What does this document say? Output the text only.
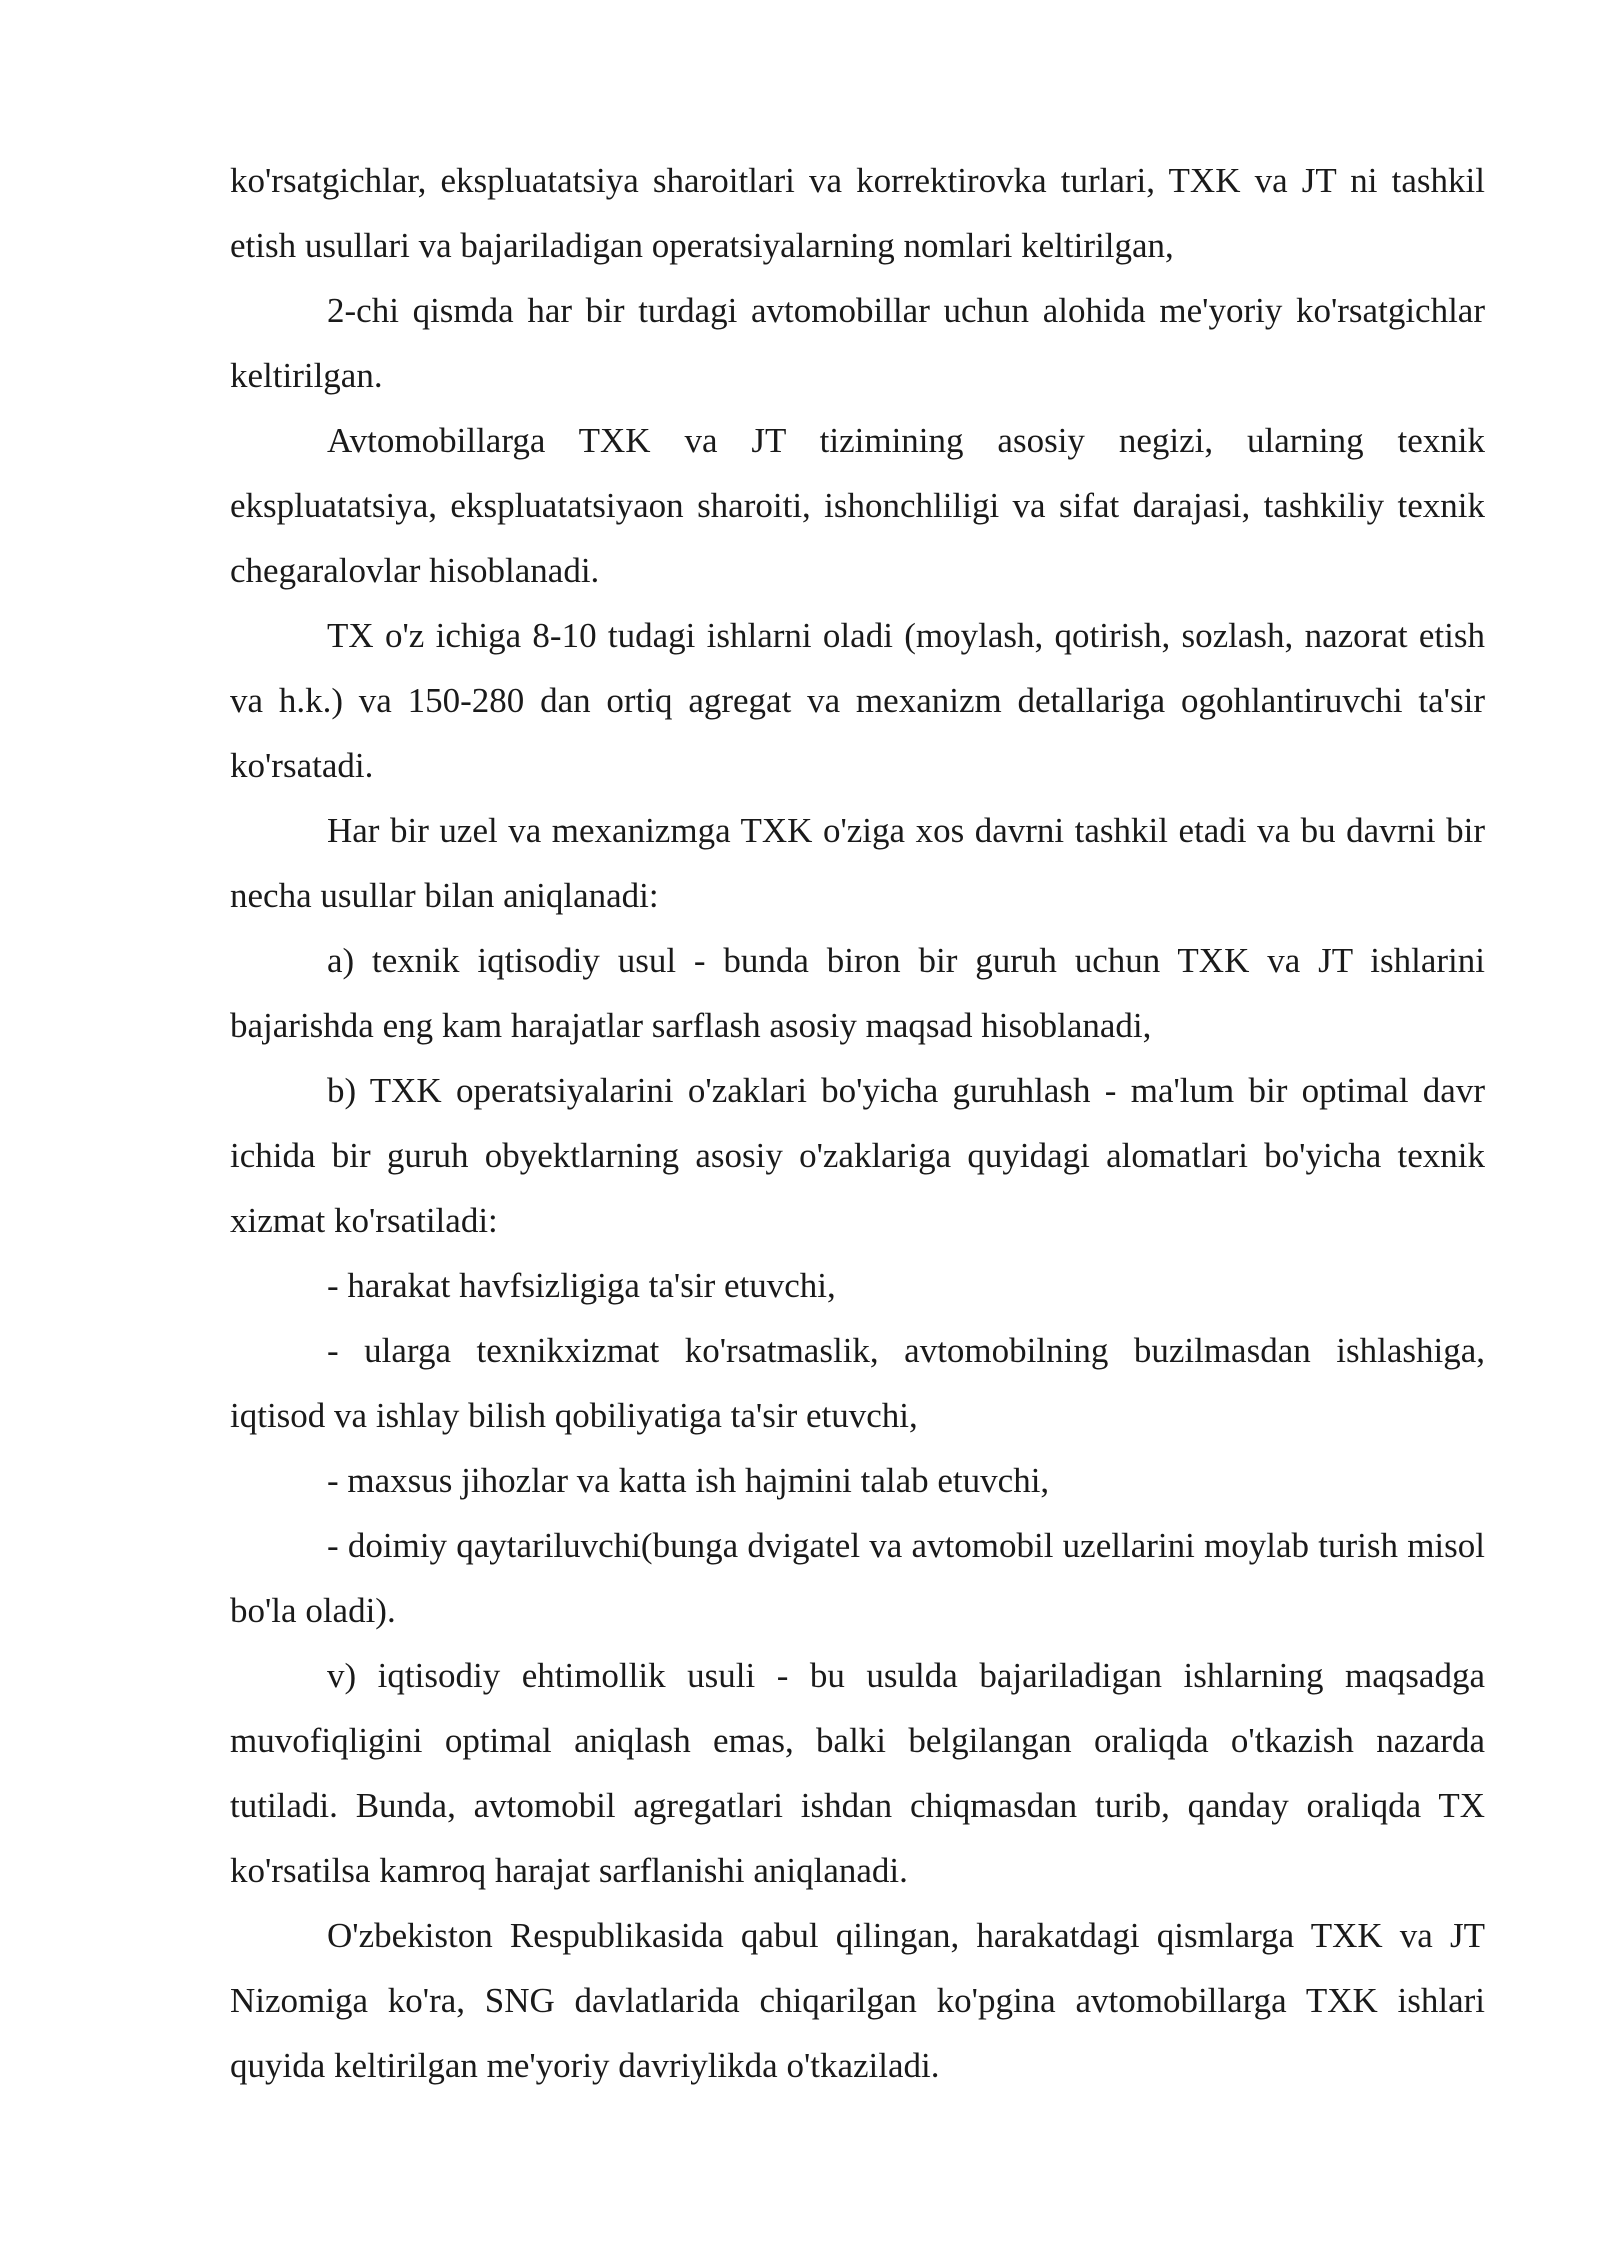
ko'rsatgichlar, ekspluatatsiya sharoitlari va korrektirovka turlari, TXK va JT ni tashkil etish usullari va bajariladigan operatsiyalarning nomlari keltirilgan,

2-chi qismda har bir turdagi avtomobillar uchun alohida me'yoriy ko'rsatgichlar keltirilgan.

Avtomobillarga TXK va JT tizimining asosiy negizi, ularning texnik ekspluatatsiya, ekspluatatsiyaon sharoiti, ishonchliligi va sifat darajasi, tashkiliy texnik chegaralovlar hisoblanadi.

TX o'z ichiga 8-10 tudagi ishlarni oladi (moylash, qotirish, sozlash, nazorat etish va h.k.) va 150-280 dan ortiq agregat va mexanizm detallariga ogohlantiruvchi ta'sir ko'rsatadi.

Har bir uzel va mexanizmga TXK o'ziga xos davrni tashkil etadi va bu davrni bir necha usullar bilan aniqlanadi:

a) texnik iqtisodiy usul - bunda biron bir guruh uchun TXK va JT ishlarini bajarishda eng kam harajatlar sarflash asosiy maqsad hisoblanadi,

b) TXK operatsiyalarini o'zaklari bo'yicha guruhlash - ma'lum bir optimal davr ichida bir guruh obyektlarning asosiy o'zaklariga quyidagi alomatlari bo'yicha texnik xizmat ko'rsatiladi:

- harakat havfsizligiga ta'sir etuvchi,

- ularga texnikxizmat ko'rsatmaslik, avtomobilning buzilmasdan ishlashiga, iqtisod va ishlay bilish qobiliyatiga ta'sir etuvchi,

- maxsus jihozlar va katta ish hajmini talab etuvchi,

- doimiy qaytariluvchi(bunga dvigatel va avtomobil uzellarini moylab turish misol bo'la oladi).

v) iqtisodiy ehtimollik usuli - bu usulda bajariladigan ishlarning maqsadga muvofiqligini optimal aniqlash emas, balki belgilangan oraliqda o'tkazish nazarda tutiladi. Bunda, avtomobil agregatlari ishdan chiqmasdan turib, qanday oraliqda TX ko'rsatilsa kamroq harajat sarflanishi aniqlanadi.

O'zbekiston Respublikasida qabul qilingan, harakatdagi qismlarga TXK va JT Nizomiga ko'ra, SNG davlatlarida chiqarilgan ko'pgina avtomobillarga TXK ishlari quyida keltirilgan me'yoriy davriylikda o'tkaziladi.
